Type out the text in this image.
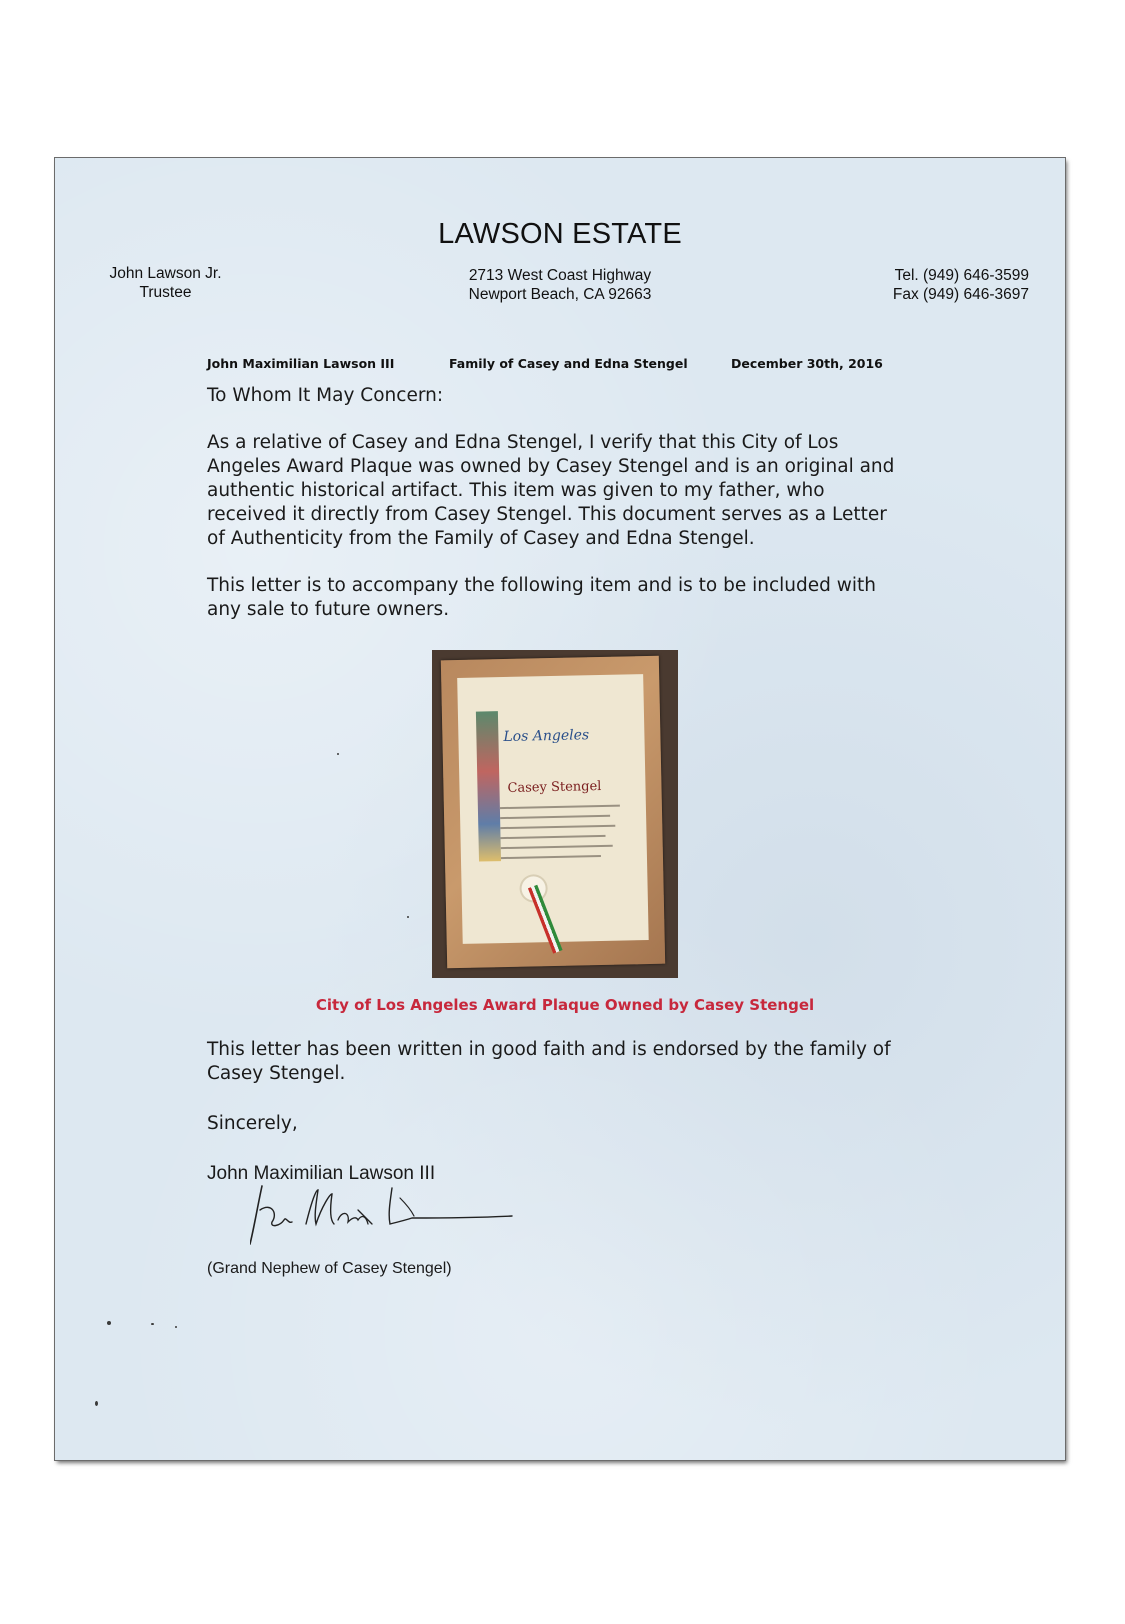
LAWSON ESTATE
John Lawson Jr.
Trustee
2713 West Coast Highway
Newport Beach, CA 92663
Tel. (949) 646-3599
Fax (949) 646-3697
John Maximilian Lawson III	Family of Casey and Edna Stengel	December 30th, 2016
To Whom It May Concern:
As a relative of Casey and Edna Stengel, I verify that this City of Los Angeles Award Plaque was owned by Casey Stengel and is an original and authentic historical artifact. This item was given to my father, who received it directly from Casey Stengel. This document serves as a Letter of Authenticity from the Family of Casey and Edna Stengel.
This letter is to accompany the following item and is to be included with any sale to future owners.
Los Angeles
Casey Stengel
City of Los Angeles Award Plaque Owned by Casey Stengel
This letter has been written in good faith and is endorsed by the family of Casey Stengel.
Sincerely,
John Maximilian Lawson III
(Grand Nephew of Casey Stengel)
